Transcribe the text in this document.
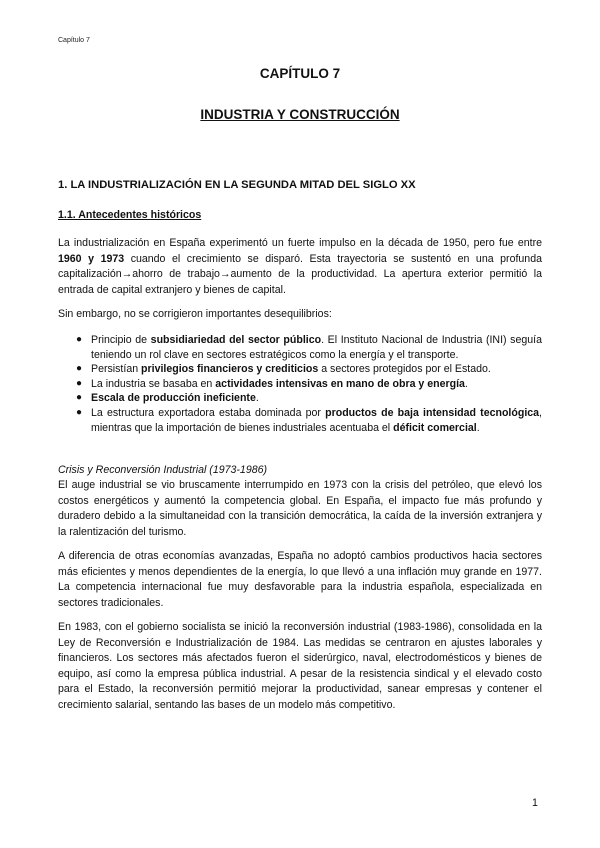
Capítulo 7
CAPÍTULO 7
INDUSTRIA Y CONSTRUCCIÓN
1. LA INDUSTRIALIZACIÓN EN LA SEGUNDA MITAD DEL SIGLO XX
1.1. Antecedentes históricos

La industrialización en España experimentó un fuerte impulso en la década de 1950, pero fue entre 1960 y 1973 cuando el crecimiento se disparó. Esta trayectoria se sustentó en una profunda capitalización→ahorro de trabajo→aumento de la productividad. La apertura exterior permitió la entrada de capital extranjero y bienes de capital.

Sin embargo, no se corrigieron importantes desequilibrios:

● Principio de subsidiariedad del sector público. El Instituto Nacional de Industria (INI) seguía teniendo un rol clave en sectores estratégicos como la energía y el transporte.
● Persistían privilegios financieros y crediticios a sectores protegidos por el Estado.
● La industria se basaba en actividades intensivas en mano de obra y energía.
● Escala de producción ineficiente.
● La estructura exportadora estaba dominada por productos de baja intensidad tecnológica, mientras que la importación de bienes industriales acentuaba el déficit comercial.
Crisis y Reconversión Industrial (1973-1986)

El auge industrial se vio bruscamente interrumpido en 1973 con la crisis del petróleo, que elevó los costos energéticos y aumentó la competencia global. En España, el impacto fue más profundo y duradero debido a la simultaneidad con la transición democrática, la caída de la inversión extranjera y la ralentización del turismo.

A diferencia de otras economías avanzadas, España no adoptó cambios productivos hacia sectores más eficientes y menos dependientes de la energía, lo que llevó a una inflación muy grande en 1977. La competencia internacional fue muy desfavorable para la industria española, especializada en sectores tradicionales.

En 1983, con el gobierno socialista se inició la reconversión industrial (1983-1986), consolidada en la Ley de Reconversión e Industrialización de 1984. Las medidas se centraron en ajustes laborales y financieros. Los sectores más afectados fueron el siderúrgico, naval, electrodomésticos y bienes de equipo, así como la empresa pública industrial. A pesar de la resistencia sindical y el elevado costo para el Estado, la reconversión permitió mejorar la productividad, sanear empresas y contener el crecimiento salarial, sentando las bases de un modelo más competitivo.

1
